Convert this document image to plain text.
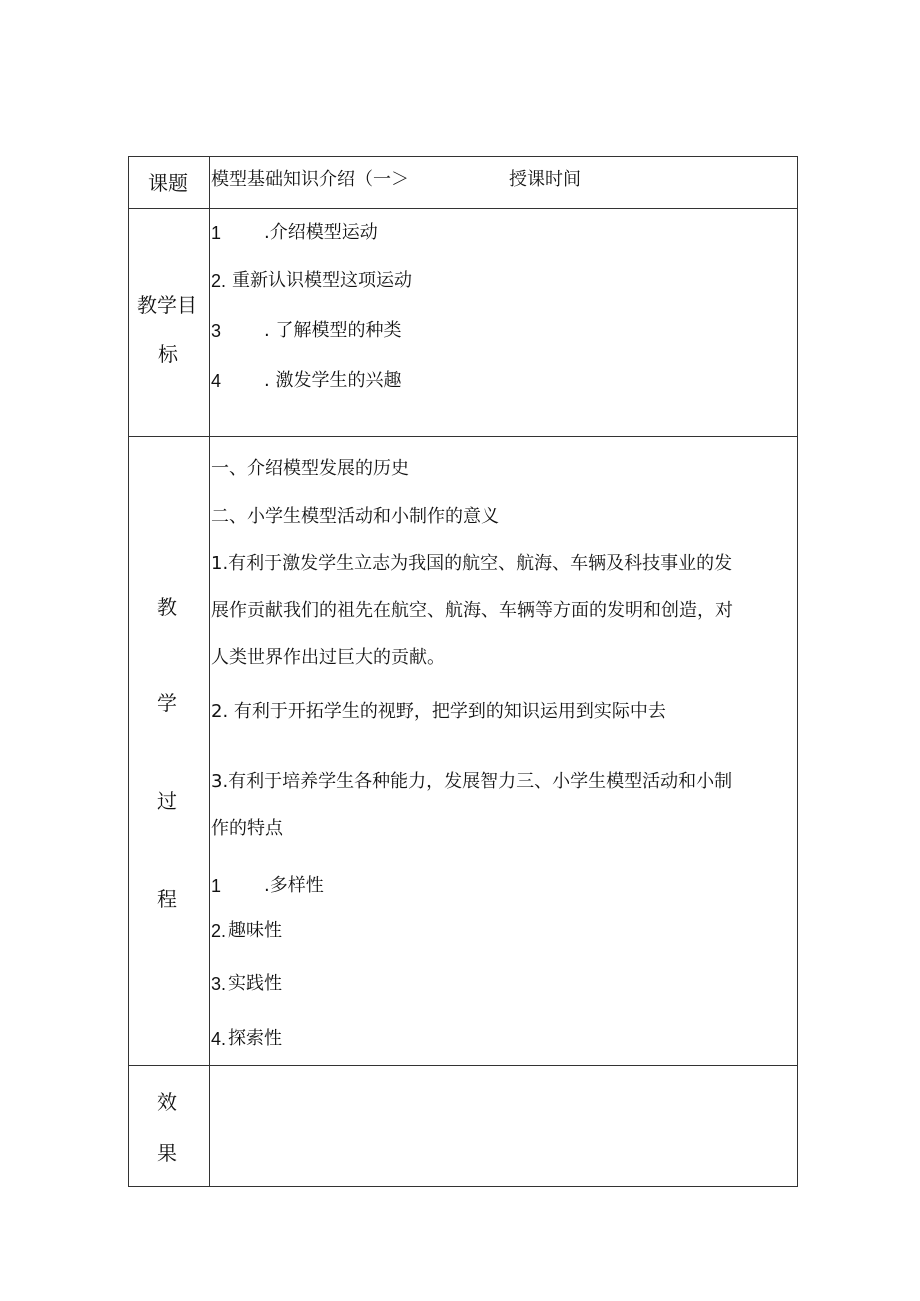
课题 模型基础知识介绍（一＞	授课时间
教学目
标
1 .介绍模型运动
2. 重新认识模型这项运动
3 . 了解模型的种类
4 . 激发学生的兴趣
教
学
过
程
一、介绍模型发展的历史
二、小学生模型活动和小制作的意义
1.有利于激发学生立志为我国的航空、航海、车辆及科技事业的发
展作贡献我们的祖先在航空、航海、车辆等方面的发明和创造，对
人类世界作出过巨大的贡献。
2. 有利于开拓学生的视野，把学到的知识运用到实际中去
3.有利于培养学生各种能力，发展智力三、小学生模型活动和小制
作的特点
1 .多样性
2. 趣味性
3. 实践性
4. 探索性
效
果
